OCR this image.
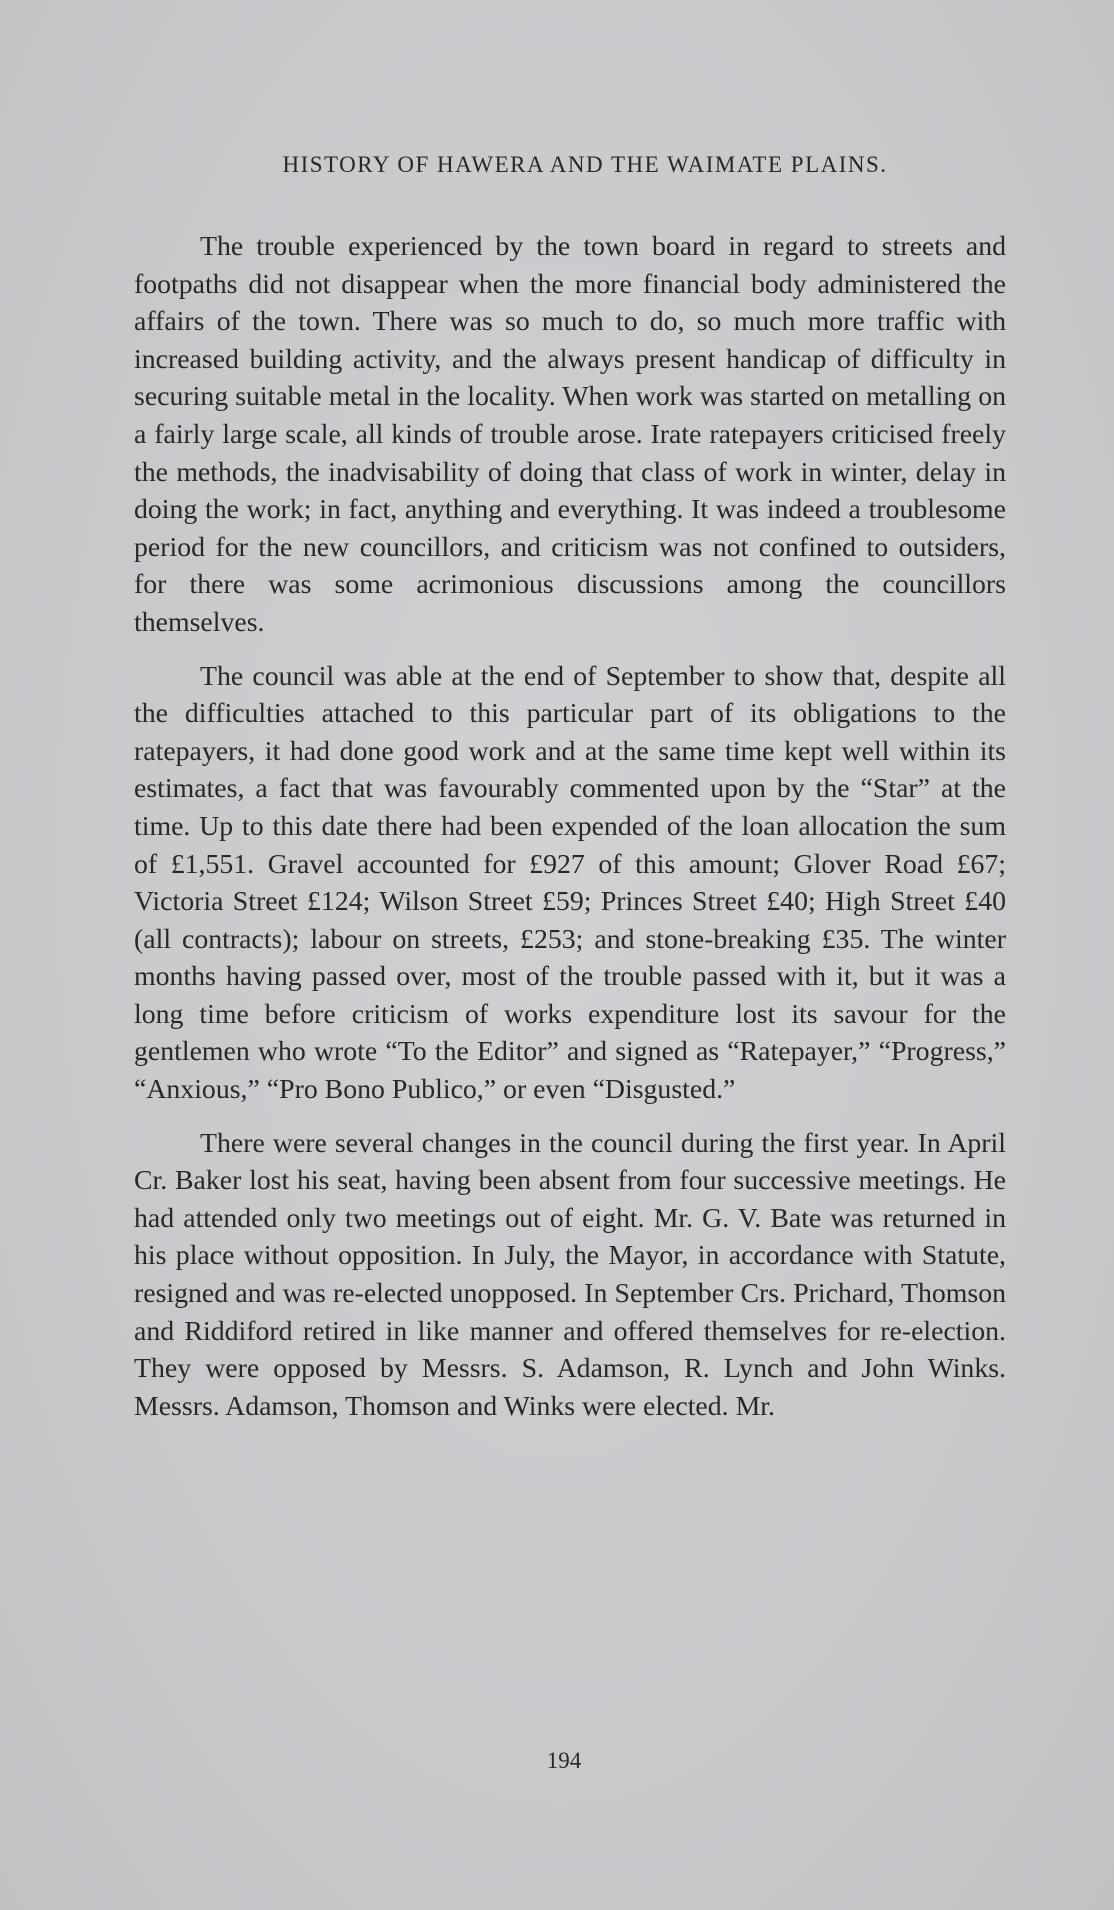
HISTORY OF HAWERA AND THE WAIMATE PLAINS.

The trouble experienced by the town board in regard to streets and footpaths did not disappear when the more financial body administered the affairs of the town. There was so much to do, so much more traffic with increased building activity, and the always present handicap of difficulty in securing suitable metal in the locality. When work was started on metalling on a fairly large scale, all kinds of trouble arose. Irate ratepayers criticised freely the methods, the inadvisability of doing that class of work in winter, delay in doing the work; in fact, anything and everything. It was indeed a troublesome period for the new councillors, and criticism was not confined to outsiders, for there was some acrimonious discussions among the councillors themselves.

The council was able at the end of September to show that, despite all the difficulties attached to this particular part of its obligations to the ratepayers, it had done good work and at the same time kept well within its estimates, a fact that was favourably commented upon by the “Star” at the time. Up to this date there had been expended of the loan allocation the sum of £1,551. Gravel accounted for £927 of this amount; Glover Road £67; Victoria Street £124; Wilson Street £59; Princes Street £40; High Street £40 (all contracts); labour on streets, £253; and stone-breaking £35. The winter months having passed over, most of the trouble passed with it, but it was a long time before criticism of works expenditure lost its savour for the gentlemen who wrote “To the Editor” and signed as “Ratepayer,” “Progress,” “Anxious,” “Pro Bono Publico,” or even “Disgusted.”

There were several changes in the council during the first year. In April Cr. Baker lost his seat, having been absent from four successive meetings. He had attended only two meetings out of eight. Mr. G. V. Bate was returned in his place without opposition. In July, the Mayor, in accordance with Statute, resigned and was re-elected unopposed. In September Crs. Prichard, Thomson and Riddiford retired in like manner and offered themselves for re-election. They were opposed by Messrs. S. Adamson, R. Lynch and John Winks. Messrs. Adamson, Thomson and Winks were elected. Mr.

194
